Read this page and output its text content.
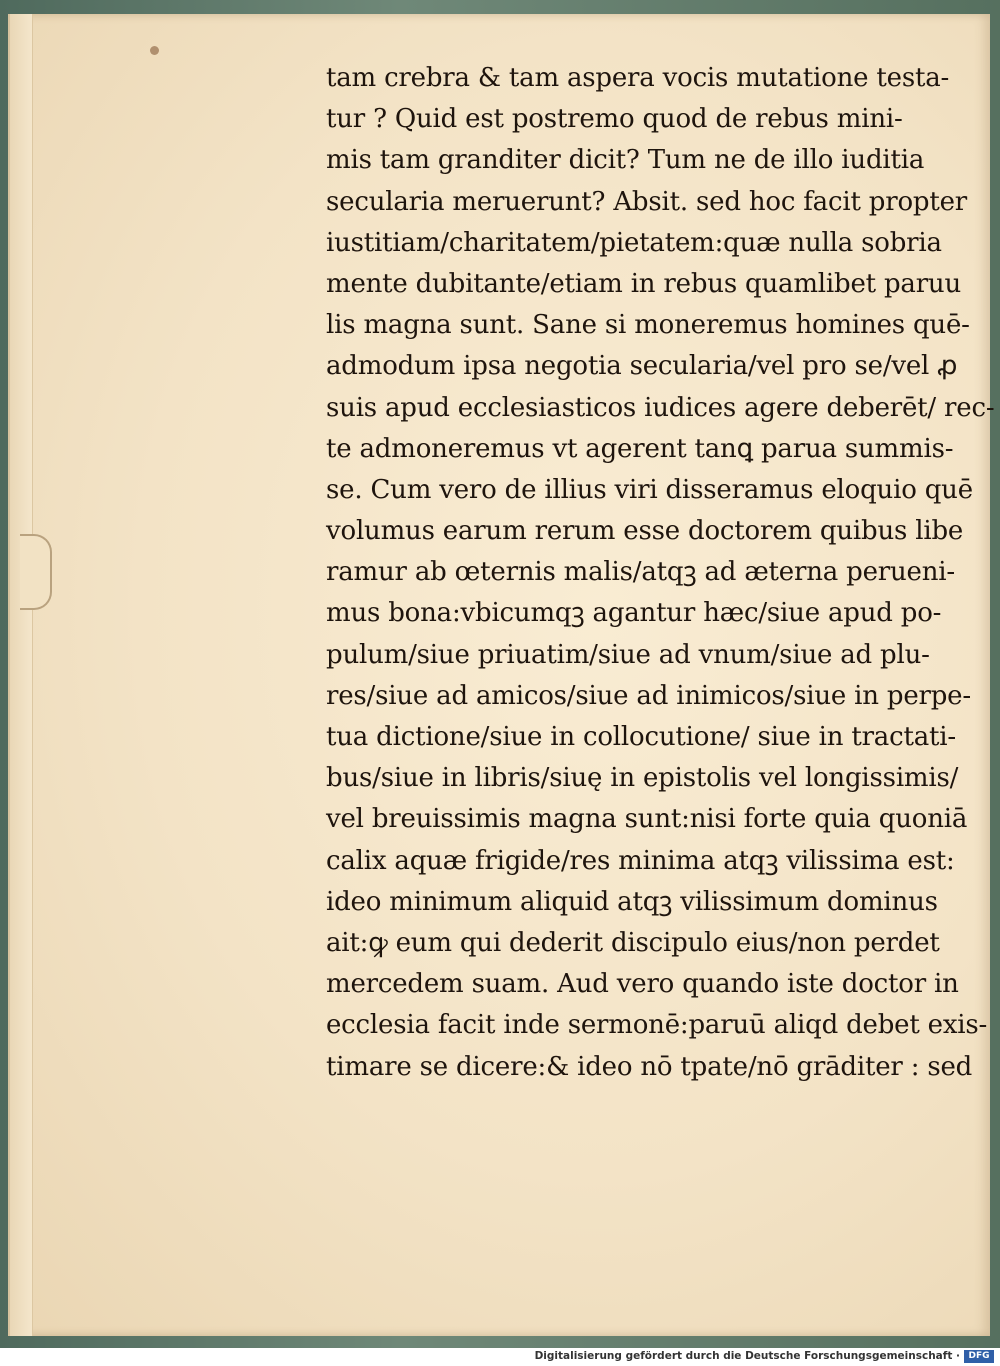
tam crebra & tam aspera vocis mutatione testa-
tur ? Quid est postremo quod de rebus mini-
mis tam granditer dicit? Tum ne de illo iuditia
secularia meruerunt? Absit. sed hoc facit propter
iustitiam/charitatem/pietatem:quæ nulla sobria
mente dubitante/etiam in rebus quamlibet paruu
lis magna sunt. Sane si moneremus homines quē-
admodum ipsa negotia secularia/vel pro se/vel ꝓ
suis apud ecclesiasticos iudices agere deberēt/ rec-
te admoneremus vt agerent tanꝗ parua summis-
se. Cum vero de illius viri disseramus eloquio quē
volumus earum rerum esse doctorem quibus libe
ramur ab œternis malis/atqꝫ ad æterna perueni-
mus bona:vbicumqꝫ agantur hæc/siue apud po-
pulum/siue priuatim/siue ad vnum/siue ad plu-
res/siue ad amicos/siue ad inimicos/siue in perpe-
tua dictione/siue in collocutione/ siue in tractati-
bus/siue in libris/siuę in epistolis vel longissimis/
vel breuissimis magna sunt:nisi forte quia quoniā
calix aquæ frigide/res minima atqꝫ vilissima est:
ideo minimum aliquid atqꝫ vilissimum dominus
ait:ꝙ eum qui dederit discipulo eius/non perdet
mercedem suam. Aud vero quando iste doctor in
ecclesia facit inde sermonē:paruū aliqd debet exis-
timare se dicere:& ideo nō tpate/nō grāditer : sed
Digitalisierung gefördert durch die Deutsche Forschungsgemeinschaft · DFG
